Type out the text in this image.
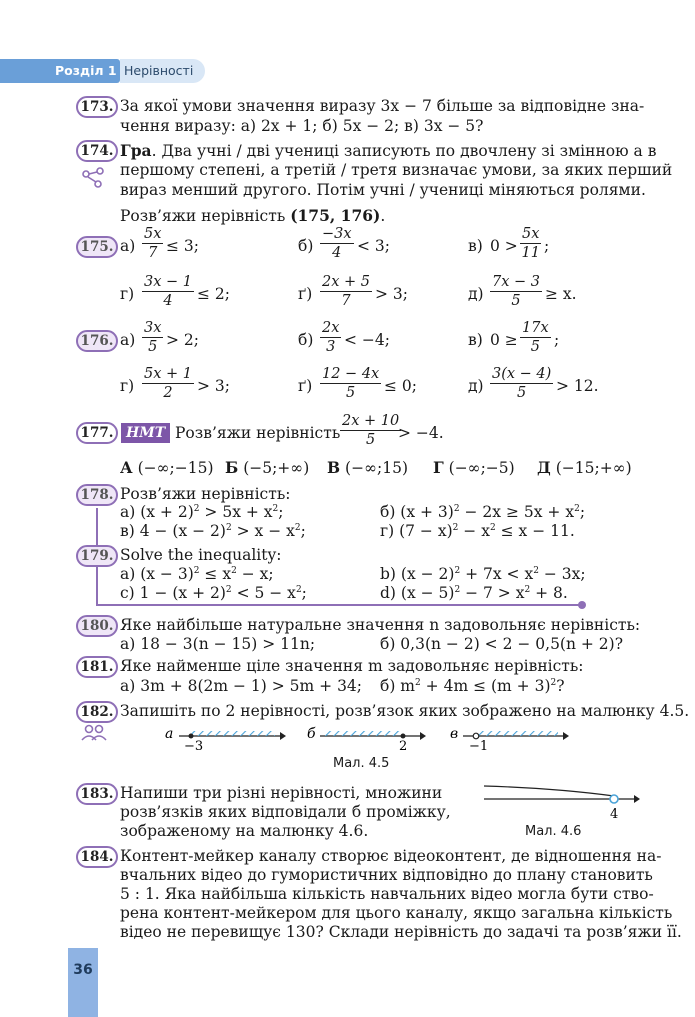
Розділ 1 Нерівності
173. За якої умови значення виразу 3x − 7 більше за відповідне зна-
чення виразу: а) 2x + 1; б) 5x − 2; в) 3x − 5?
174. Гра. Два учні / дві учениці записують по двочлену зі змінною a в
першому степені, а третій / третя визначає умови, за яких перший
вираз менший другого. Потім учні / учениці міняються ролями.
Розв’яжи нерівність (175, 176).
175. $а) \frac{5x}{7} \le 3$;	$б) \frac{-3x}{4} < 3$;	в) $0 > \frac{5x}{11}$ ;
$г) \frac{3x - 1}{4} \le 2$;	$ґ) \frac{2x + 5}{7} > 3$;	$д) \frac{7x - 3}{5} \ge x$.
176. $а) \frac{3x}{5} > 2$;	$б) \frac{2x}{3} < -4$;	в) $0 \ge \frac{17x}{5}$ ;
$г) \frac{5x + 1}{2} > 3$;	$ґ) \frac{12 - 4x}{5} \le 0$;	$д) \frac{3(x - 4)}{5} > 12$.
177. НМТ Розв’яжи нерівність $\frac{2x + 10}{5}$
> −4.
А (−∞;−15) Б (−5;+∞) В (−∞;15) Г (−∞;−5) Д (−15;+∞)
178. Розв’яжи нерівність:
а) $(x + 2)^2 > 5x + x^2$;	б) $(x + 3)^2 - 2x \ge 5x + x^2$;
в) $4 - (x - 2)^2 > x - x^2$;	г) $(7 - x)^2 - x^2 \le x - 11$.
179. Solve the inequality:
a) $(x - 3)^2 \le x^2 - x$;	b) $(x - 2)^2 + 7x < x^2 - 3x$;
c) $1 - (x + 2)^2 < 5 - x^2$;	d) $(x - 5)^2 - 7 > x^2 + 8$.
180. Яке найбільше натуральне значення n задовольняє нерівність:
а) 18 − 3(n − 15) > 11n;	б) 0,3(n − 2) < 2 − 0,5(n + 2)?
181. Яке найменше ціле значення m задовольняє нерівність:
а) 3m + 8(2m − 1) > 5m + 34; б) $m^2 + 4m \le (m + 3)^2$?
182. Запишіть по 2 нерівності, розв’язок яких зображено на малюнку 4.5.
а
−3
б
2
в
−1
Мал. 4.5
183. Напиши три різні нерівності, множини
розв’язків яких відповідали б проміжку,
зображеному на малюнку 4.6.
4
Мал. 4.6
184. Контент-мейкер каналу створює відеоконтент, де відношення на-
вчальних відео до гумористичних відповідно до плану становить
5 : 1. Яка найбільша кількість навчальних відео могла бути ство-
рена контент-мейкером для цього каналу, якщо загальна кількість
відео не перевищує 130? Склади нерівність до задачі та розв’яжи її.
36
